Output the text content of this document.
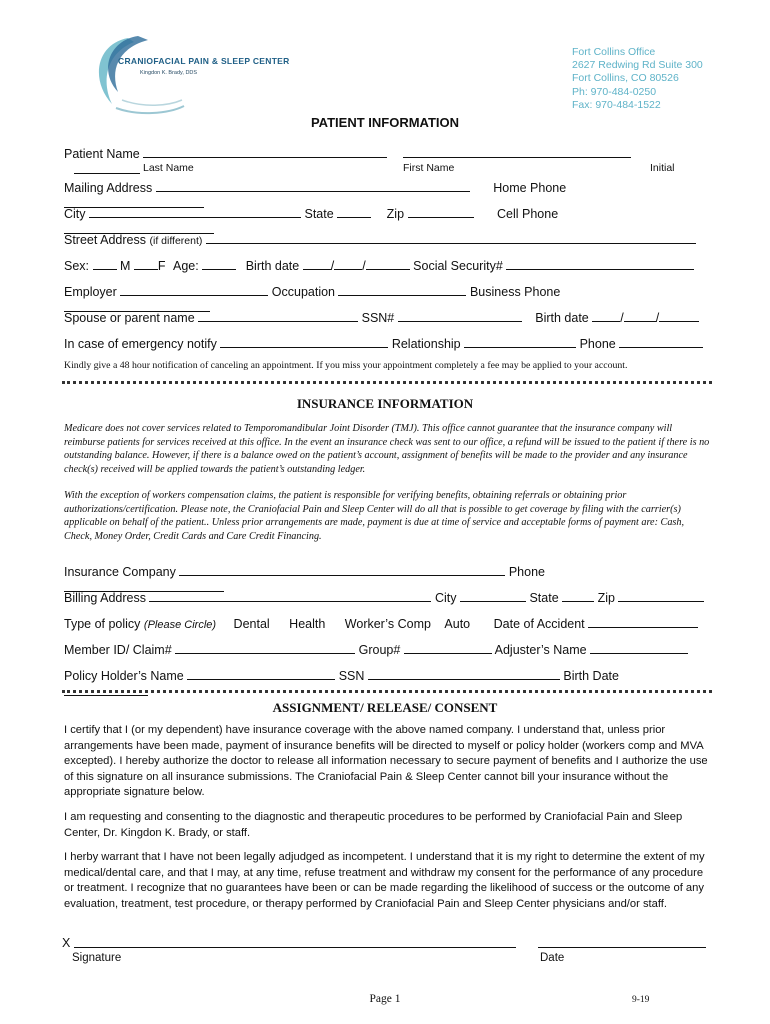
CRANIOFACIAL PAIN & SLEEP CENTER
Kingdon K. Brady, DDS
Fort Collins Office
2627 Redwing Rd Suite 300
Fort Collins, CO 80526
Ph: 970-484-0250
Fax: 970-484-1522
PATIENT INFORMATION
Patient Name
Last Name	First Name	Initial
Mailing Address	Home Phone
City	State	Zip	Cell Phone
Street Address (if different)
Sex: M F Age:	Birth date	/ /	Social Security#
Employer	Occupation	Business Phone
Spouse or parent name	SSN#	Birth date	/	/
In case of emergency notify	Relationship	Phone
Kindly give a 48 hour notification of canceling an appointment. If you miss your appointment completely a fee may be applied to your account.
INSURANCE INFORMATION
Medicare does not cover services related to Temporomandibular Joint Disorder (TMJ). This office cannot guarantee that the insurance company will reimburse patients for services received at this office. In the event an insurance check was sent to our office, a refund will be issued to the patient if there is no outstanding balance. However, if there is a balance owed on the patient’s account, assignment of benefits will be made to the provider and any insurance check(s) received will be applied towards the patient’s outstanding ledger.
With the exception of workers compensation claims, the patient is responsible for verifying benefits, obtaining referrals or obtaining prior authorizations/certification. Please note, the Craniofacial Pain and Sleep Center will do all that is possible to get coverage by filing with the carrier(s) applicable on behalf of the patient.. Unless prior arrangements are made, payment is due at time of service and acceptable forms of payment are: Cash, Check, Money Order, Credit Cards and Care Credit Financing.
Insurance Company	Phone
Billing Address	City	State	Zip
Type of policy (Please Circle) Dental Health Worker’s Comp Auto Date of Accident
Member ID/ Claim#	Group#	Adjuster’s Name
Policy Holder’s Name	SSN	Birth Date
ASSIGNMENT/ RELEASE/ CONSENT
I certify that I (or my dependent) have insurance coverage with the above named company. I understand that, unless prior arrangements have been made, payment of insurance benefits will be directed to myself or policy holder (workers comp and MVA excepted). I hereby authorize the doctor to release all information necessary to secure payment of benefits and I authorize the use of this signature on all insurance submissions. The Craniofacial Pain & Sleep Center cannot bill your insurance without the appropriate signature below.
I am requesting and consenting to the diagnostic and therapeutic procedures to be performed by Craniofacial Pain and Sleep Center, Dr. Kingdon K. Brady, or staff.
I herby warrant that I have not been legally adjudged as incompetent. I understand that it is my right to determine the extent of my medical/dental care, and that I may, at any time, refuse treatment and withdraw my consent for the performance of any procedure or treatment. I recognize that no guarantees have been or can be made regarding the likelihood of success or the outcome of any evaluation, treatment, test procedure, or therapy performed by Craniofacial Pain and Sleep Center physicians and/or staff.
X
Signature	Date
Page 1	9-19
